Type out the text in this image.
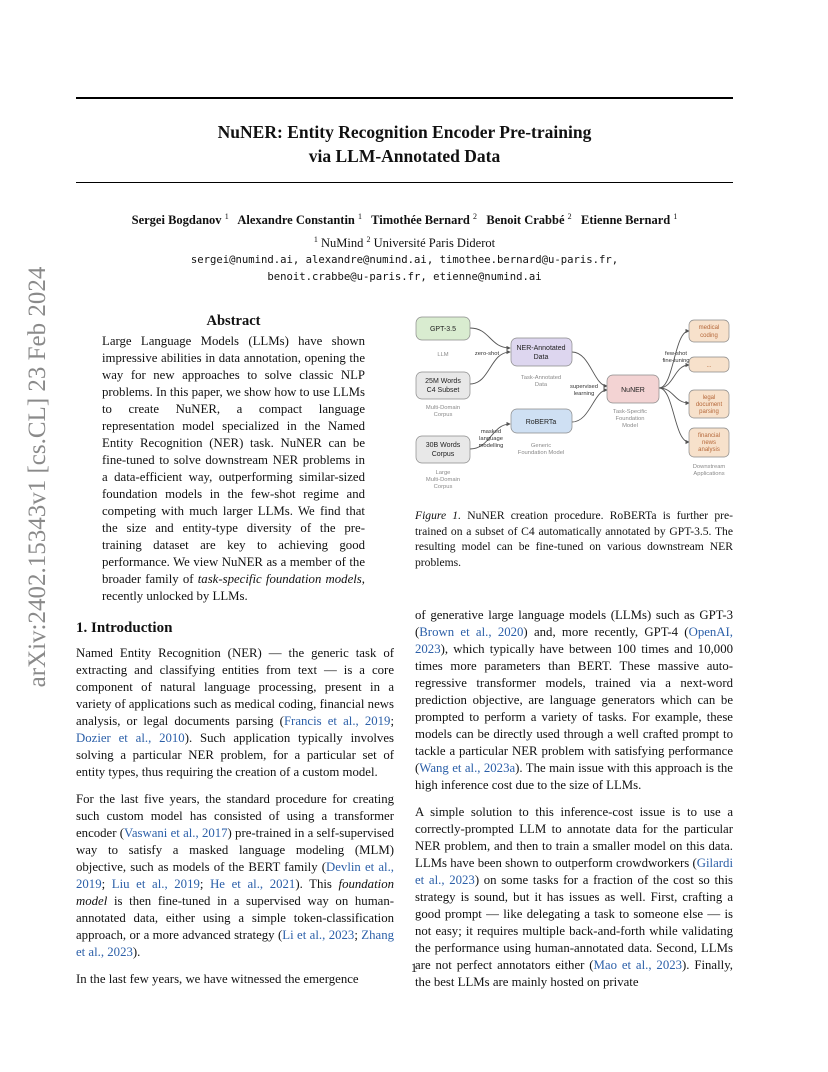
NuNER: Entity Recognition Encoder Pre-training
via LLM-Annotated Data
Sergei Bogdanov $^1$ Alexandre Constantin $^1$ Timothée Bernard $^2$ Benoit Crabbé $^2$ Etienne Bernard $^1$
$^1$ NuMind $^2$ Université Paris Diderot
sergei@numind.ai, alexandre@numind.ai, timothee.bernard@u-paris.fr,
benoit.crabbe@u-paris.fr, etienne@numind.ai
arXiv:2402.15343v1 [cs.CL] 23 Feb 2024	Abstract
Large Language Models (LLMs) have shown impressive abilities in data annotation, opening the way for new approaches to solve classic NLP problems. In this paper, we show how to use LLMs to create NuNER, a compact language representation model specialized in the Named Entity Recognition (NER) task. NuNER can be fine-tuned to solve downstream NER problems in a data-efficient way, outperforming similar-sized foundation models in the few-shot regime and competing with much larger LLMs. We find that the size and entity-type diversity of the pre-training dataset are key to achieving good performance. We view NuNER as a member of the broader family of task-specific foundation models, recently unlocked by LLMs.
GPT-3.5
25M Words
C4 Subset
30B Words
Corpus
NER-Annotated
Data
RoBERTa
NuNER
medical
coding
...
legal
document
parsing
financial
news
analysis
LLM
Multi-Domain
Corpus
Large
Multi-Domain
Corpus
Task-Annotated
Data
Generic
Foundation Model
Task-Specific
Foundation
Model
Downstream
Applications
zero-shot
masked
language
modelling
supervised
learning
few-shot
fine-tuning
Figure 1. NuNER creation procedure. RoBERTa is further pre-trained on a subset of C4 automatically annotated by GPT-3.5. The resulting model can be fine-tuned on various downstream NER problems.
1. Introduction

Named Entity Recognition (NER) — the generic task of extracting and classifying entities from text — is a core component of natural language processing, present in a variety of applications such as medical coding, financial news analysis, or legal documents parsing (Francis et al., 2019; Dozier et al., 2010). Such application typically involves solving a particular NER problem, for a particular set of entity types, thus requiring the creation of a custom model.

For the last five years, the standard procedure for creating such custom model has consisted of using a transformer encoder (Vaswani et al., 2017) pre-trained in a self-supervised way to satisfy a masked language modeling (MLM) objective, such as models of the BERT family (Devlin et al., 2019; Liu et al., 2019; He et al., 2021). This foundation model is then fine-tuned in a supervised way on human-annotated data, either using a simple token-classification approach, or a more advanced strategy (Li et al., 2023; Zhang et al., 2023).

In the last few years, we have witnessed the emergence

of generative large language models (LLMs) such as GPT-3 (Brown et al., 2020) and, more recently, GPT-4 (OpenAI, 2023), which typically have between 100 times and 10,000 times more parameters than BERT. These massive auto-regressive transformer models, trained via a next-word prediction objective, are language generators which can be prompted to perform a variety of tasks. For example, these models can be directly used through a well crafted prompt to tackle a particular NER problem with satisfying performance (Wang et al., 2023a). The main issue with this approach is the high inference cost due to the size of LLMs.

A simple solution to this inference-cost issue is to use a correctly-prompted LLM to annotate data for the particular NER problem, and then to train a smaller model on this data. LLMs have been shown to outperform crowdworkers (Gilardi et al., 2023) on some tasks for a fraction of the cost so this strategy is sound, but it has issues as well. First, crafting a good prompt — like delegating a task to someone else — is not easy; it requires multiple back-and-forth while validating the performance using human-annotated data. Second, LLMs are not perfect annotators either (Mao et al., 2023). Finally, the best LLMs are mainly hosted on private

1
